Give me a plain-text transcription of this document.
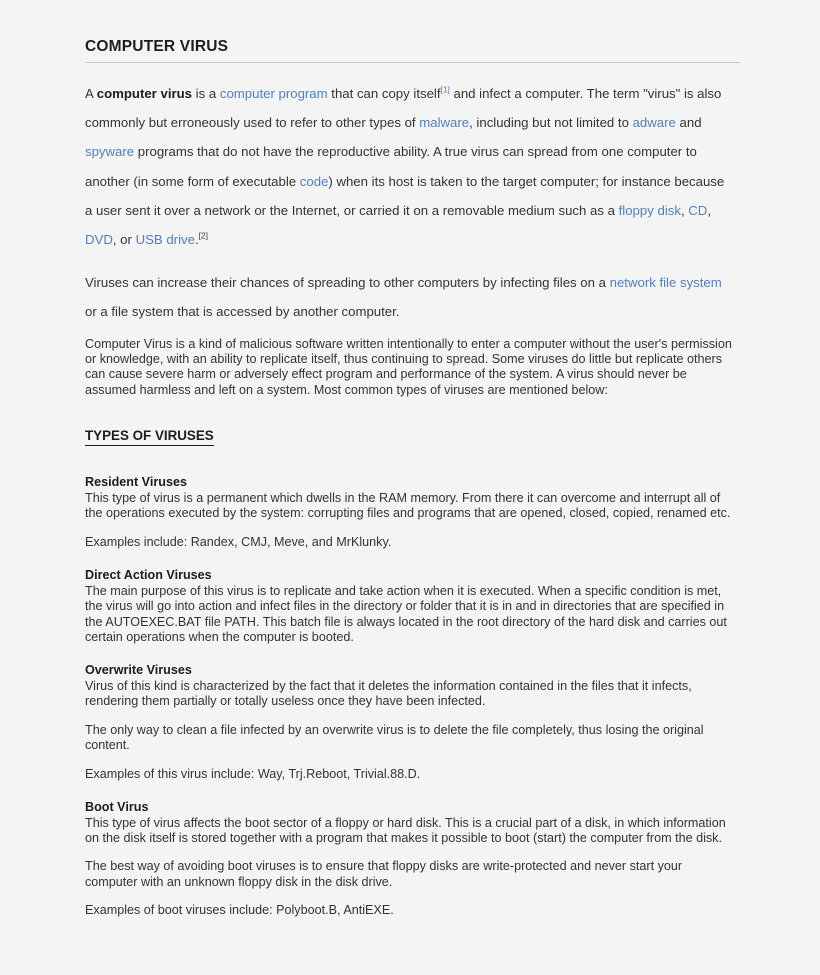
COMPUTER VIRUS

A computer virus is a computer program that can copy itself[1] and infect a computer. The term "virus" is also commonly but erroneously used to refer to other types of malware, including but not limited to adware and spyware programs that do not have the reproductive ability. A true virus can spread from one computer to another (in some form of executable code) when its host is taken to the target computer; for instance because a user sent it over a network or the Internet, or carried it on a removable medium such as a floppy disk, CD, DVD, or USB drive.[2]

Viruses can increase their chances of spreading to other computers by infecting files on a network file system or a file system that is accessed by another computer.

Computer Virus is a kind of malicious software written intentionally to enter a computer without the user's permission or knowledge, with an ability to replicate itself, thus continuing to spread. Some viruses do little but replicate others can cause severe harm or adversely effect program and performance of the system. A virus should never be assumed harmless and left on a system. Most common types of viruses are mentioned below:

TYPES OF VIRUSES
Resident Viruses

This type of virus is a permanent which dwells in the RAM memory. From there it can overcome and interrupt all of the operations executed by the system: corrupting files and programs that are opened, closed, copied, renamed etc.

Examples include: Randex, CMJ, Meve, and MrKlunky.

Direct Action Viruses

The main purpose of this virus is to replicate and take action when it is executed. When a specific condition is met, the virus will go into action and infect files in the directory or folder that it is in and in directories that are specified in the AUTOEXEC.BAT file PATH. This batch file is always located in the root directory of the hard disk and carries out certain operations when the computer is booted.

Overwrite Viruses

Virus of this kind is characterized by the fact that it deletes the information contained in the files that it infects, rendering them partially or totally useless once they have been infected.

The only way to clean a file infected by an overwrite virus is to delete the file completely, thus losing the original content.

Examples of this virus include: Way, Trj.Reboot, Trivial.88.D.

Boot Virus

This type of virus affects the boot sector of a floppy or hard disk. This is a crucial part of a disk, in which information on the disk itself is stored together with a program that makes it possible to boot (start) the computer from the disk.

The best way of avoiding boot viruses is to ensure that floppy disks are write-protected and never start your computer with an unknown floppy disk in the disk drive.

Examples of boot viruses include: Polyboot.B, AntiEXE.
